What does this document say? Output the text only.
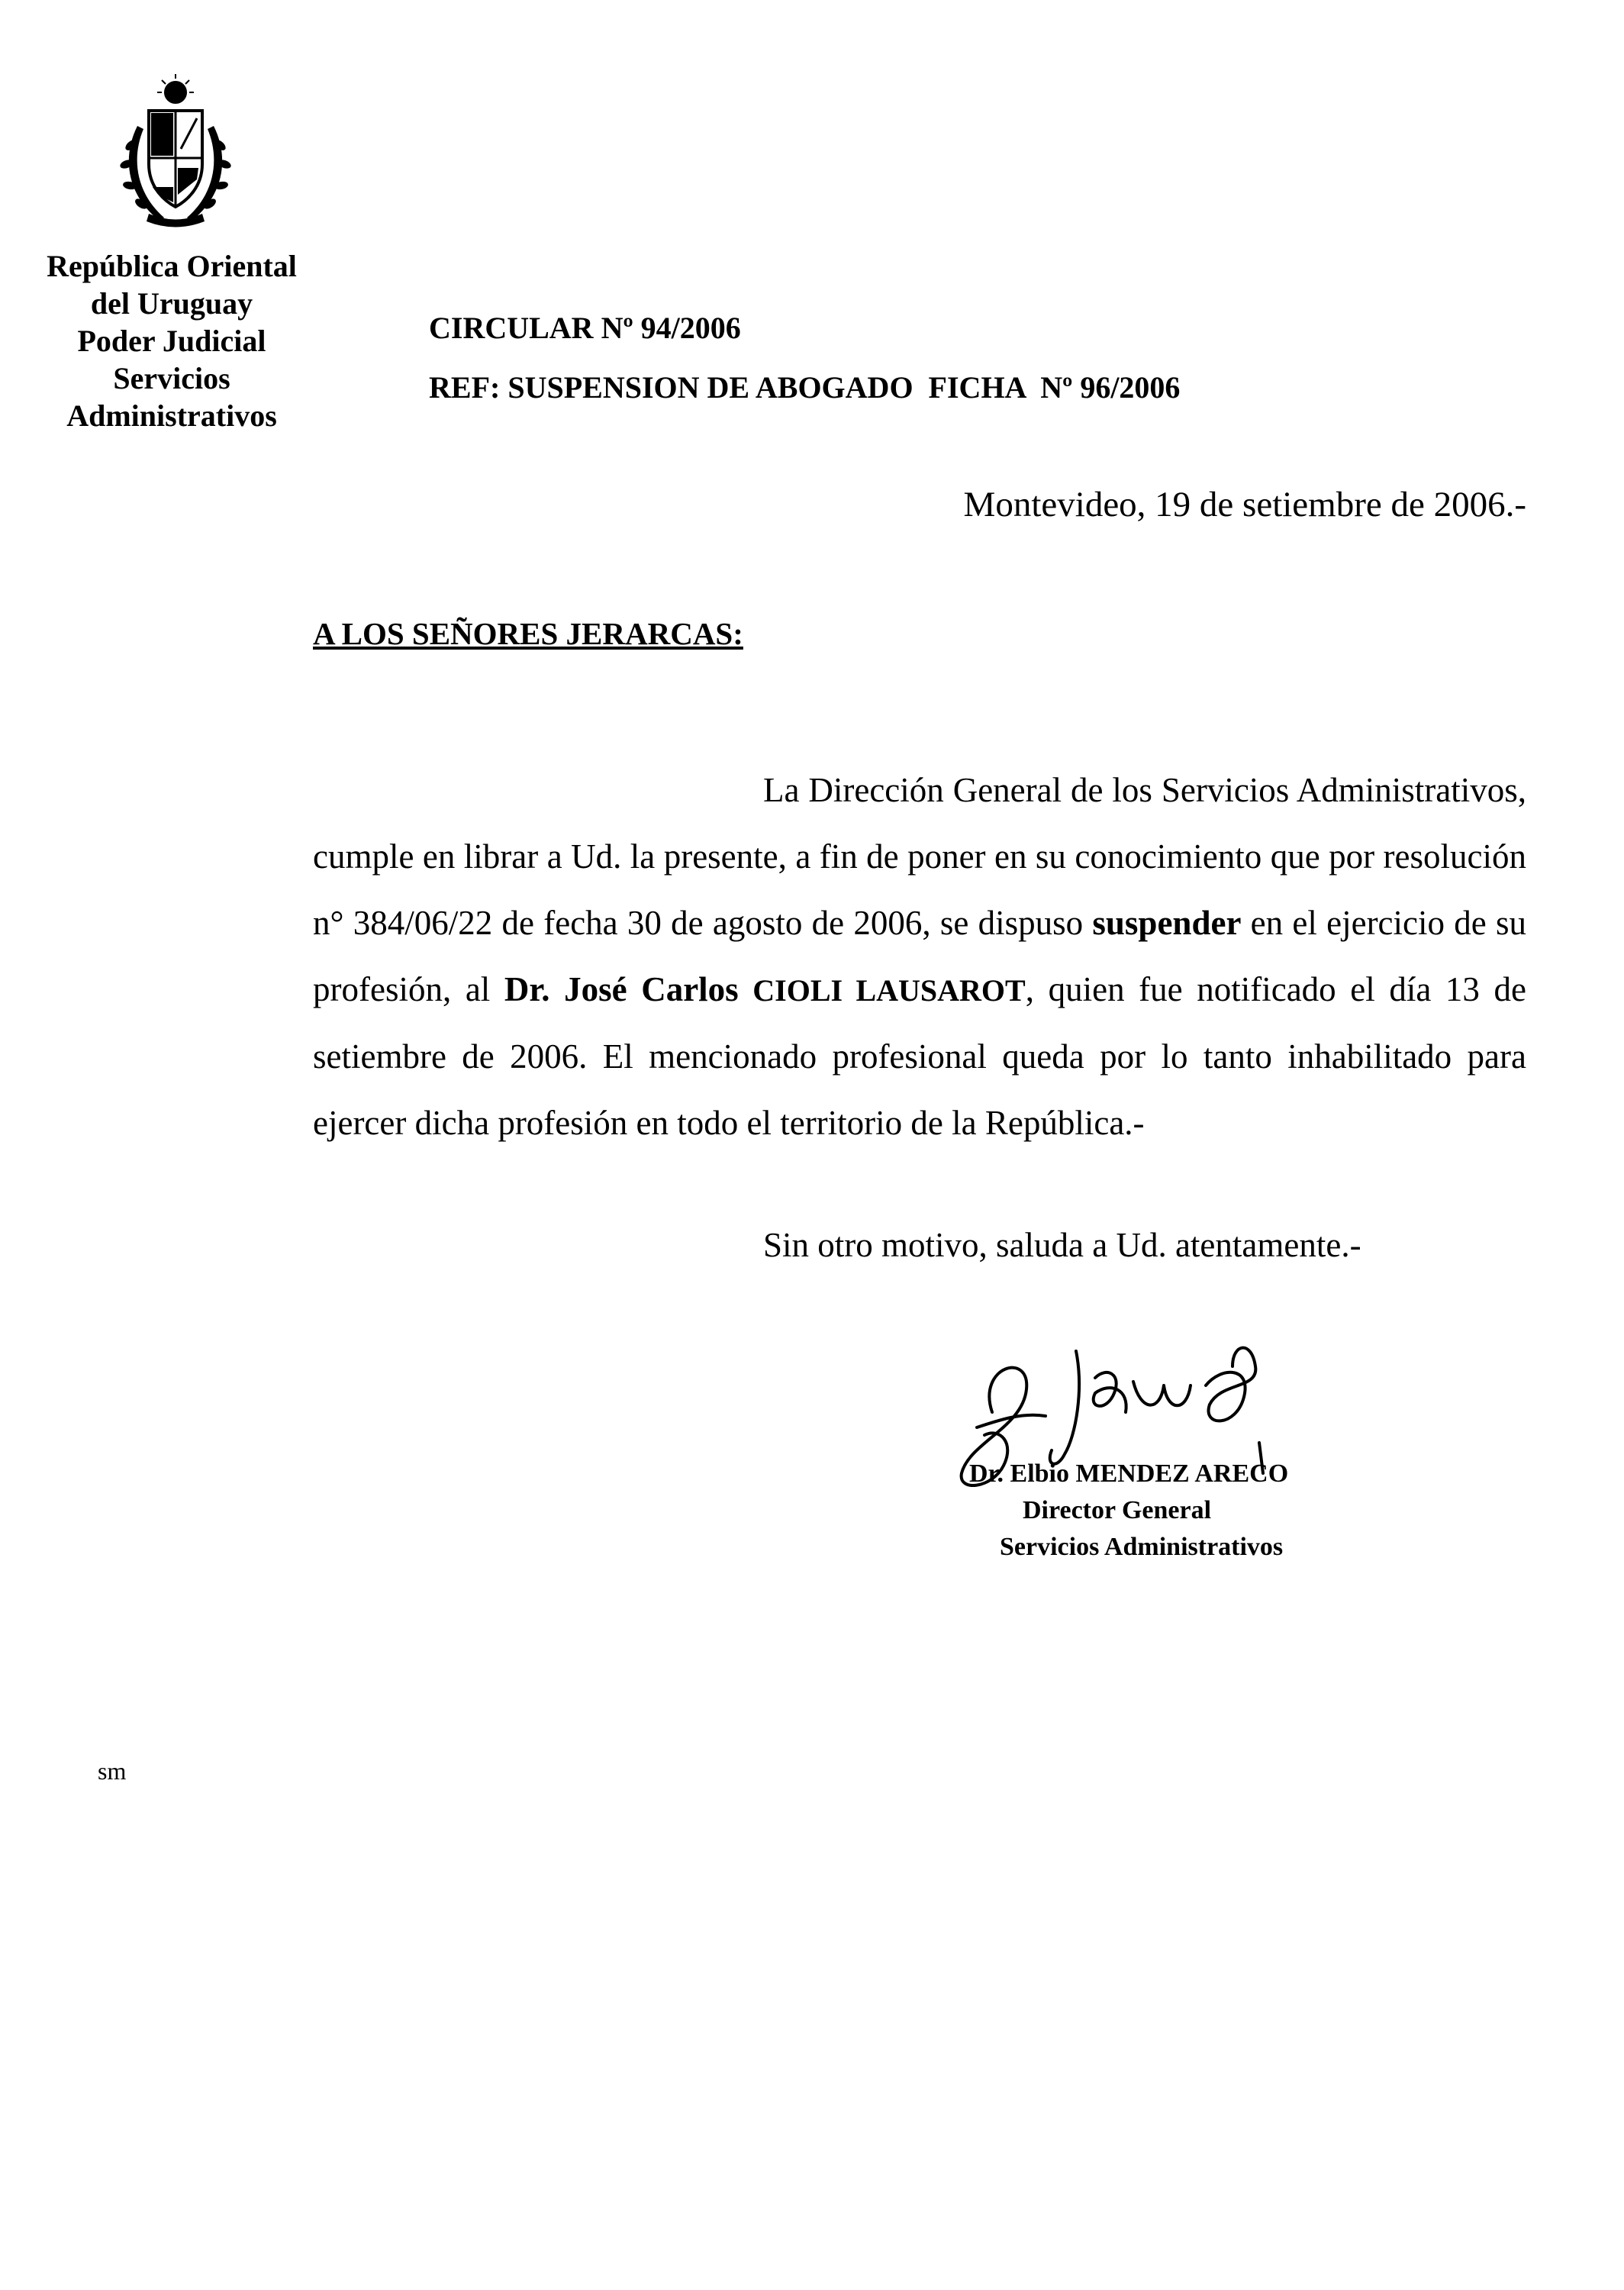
República Oriental
del Uruguay
Poder Judicial
Servicios
Administrativos
CIRCULAR Nº 94/2006
REF: SUSPENSION DE ABOGADO  FICHA  Nº 96/2006
Montevideo, 19 de setiembre de 2006.-
A LOS SEÑORES JERARCAS:
La Dirección General de los Servicios Administrativos, cumple en librar a Ud. la presente, a fin de poner en su conocimiento que por resolución n° 384/06/22 de fecha 30 de agosto de 2006, se dispuso suspender en el ejercicio de su profesión, al Dr. José Carlos CIOLI LAUSAROT, quien fue notificado el día 13 de setiembre de 2006. El mencionado profesional queda por lo tanto inhabilitado para ejercer dicha profesión en todo el territorio de la República.-
Sin otro motivo, saluda a Ud. atentamente.-
Dr. Elbio MENDEZ ARECO
Director General
Servicios Administrativos
sm
